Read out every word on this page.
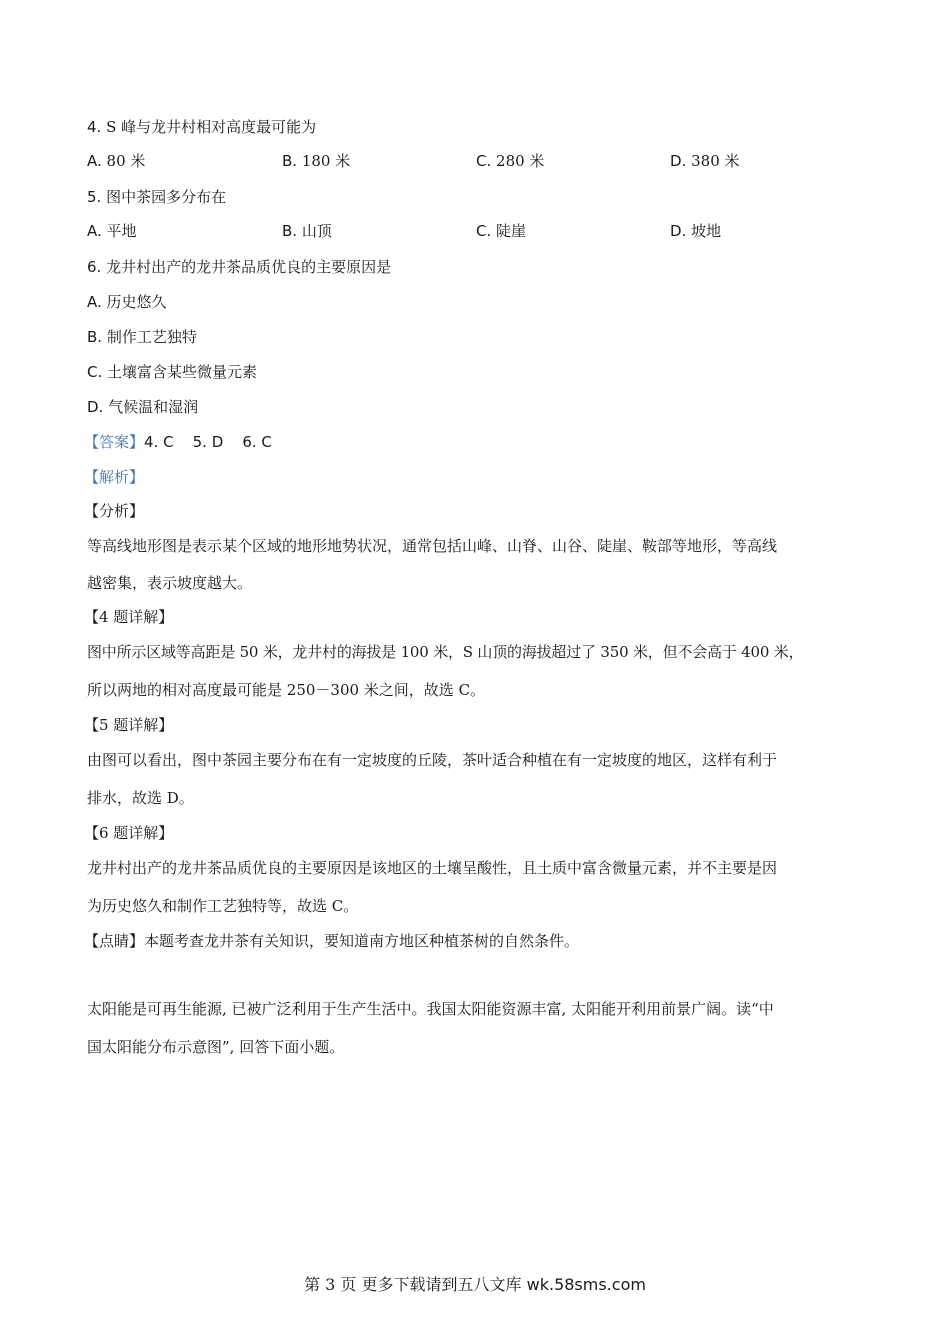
4. S 峰与龙井村相对高度最可能为
A. 80 米	B. 180 米	C. 280 米	D. 380 米
5. 图中茶园多分布在
A. 平地	B. 山顶	C. 陡崖	D. 坡地
6. 龙井村出产的龙井茶品质优良的主要原因是
A. 历史悠久
B. 制作工艺独特
C. 土壤富含某些微量元素
D. 气候温和湿润
【答案】4. C    5. D    6. C
【解析】
【分析】
等高线地形图是表示某个区域的地形地势状况，通常包括山峰、山脊、山谷、陡崖、鞍部等地形，等高线
越密集，表示坡度越大。
【4 题详解】
图中所示区域等高距是 50 米，龙井村的海拔是 100 米，S 山顶的海拔超过了 350 米，但不会高于 400 米，
所以两地的相对高度最可能是 250－300 米之间，故选 C。
【5 题详解】
由图可以看出，图中茶园主要分布在有一定坡度的丘陵，茶叶适合种植在有一定坡度的地区，这样有利于
排水，故选 D。
【6 题详解】
龙井村出产的龙井茶品质优良的主要原因是该地区的土壤呈酸性，且土质中富含微量元素，并不主要是因
为历史悠久和制作工艺独特等，故选 C。
【点睛】本题考查龙井茶有关知识，要知道南方地区种植茶树的自然条件。
太阳能是可再生能源, 已被广泛利用于生产生活中。我国太阳能资源丰富, 太阳能开利用前景广阔。读“中
国太阳能分布示意图”, 回答下面小题。
第 3 页 更多下载请到五八文库 wk.58sms.com
